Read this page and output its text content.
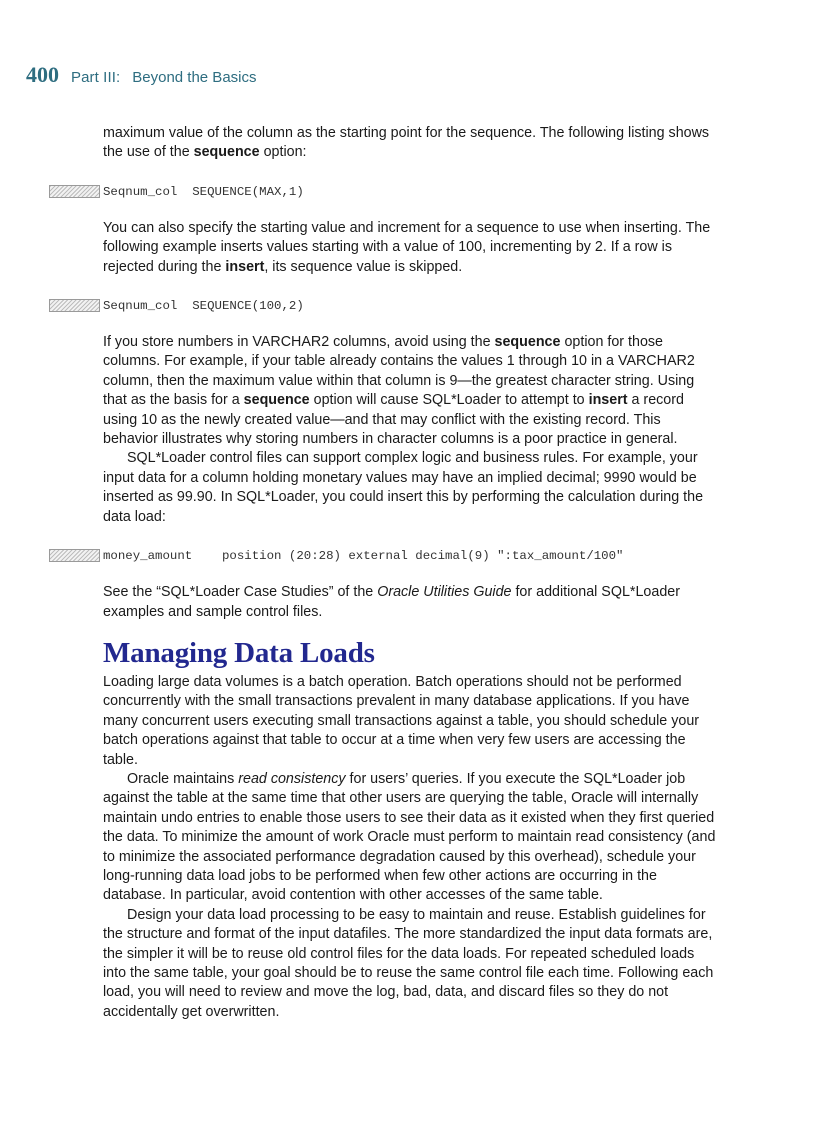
400 Part III: Beyond the Basics

maximum value of the column as the starting point for the sequence. The following listing shows the use of the sequence option:

Seqnum_col  SEQUENCE(MAX,1)

You can also specify the starting value and increment for a sequence to use when inserting. The following example inserts values starting with a value of 100, incrementing by 2. If a row is rejected during the insert, its sequence value is skipped.

Seqnum_col  SEQUENCE(100,2)

If you store numbers in VARCHAR2 columns, avoid using the sequence option for those columns. For example, if your table already contains the values 1 through 10 in a VARCHAR2 column, then the maximum value within that column is 9—the greatest character string. Using that as the basis for a sequence option will cause SQL*Loader to attempt to insert a record using 10 as the newly created value—and that may conflict with the existing record. This behavior illustrates why storing numbers in character columns is a poor practice in general.

SQL*Loader control files can support complex logic and business rules. For example, your input data for a column holding monetary values may have an implied decimal; 9990 would be inserted as 99.90. In SQL*Loader, you could insert this by performing the calculation during the data load:

money_amount    position (20:28) external decimal(9) ":tax_amount/100"

See the “SQL*Loader Case Studies” of the Oracle Utilities Guide for additional SQL*Loader examples and sample control files.

Managing Data Loads

Loading large data volumes is a batch operation. Batch operations should not be performed concurrently with the small transactions prevalent in many database applications. If you have many concurrent users executing small transactions against a table, you should schedule your batch operations against that table to occur at a time when very few users are accessing the table.

Oracle maintains read consistency for users’ queries. If you execute the SQL*Loader job against the table at the same time that other users are querying the table, Oracle will internally maintain undo entries to enable those users to see their data as it existed when they first queried the data. To minimize the amount of work Oracle must perform to maintain read consistency (and to minimize the associated performance degradation caused by this overhead), schedule your long-running data load jobs to be performed when few other actions are occurring in the database. In particular, avoid contention with other accesses of the same table.

Design your data load processing to be easy to maintain and reuse. Establish guidelines for the structure and format of the input datafiles. The more standardized the input data formats are, the simpler it will be to reuse old control files for the data loads. For repeated scheduled loads into the same table, your goal should be to reuse the same control file each time. Following each load, you will need to review and move the log, bad, data, and discard files so they do not accidentally get overwritten.
